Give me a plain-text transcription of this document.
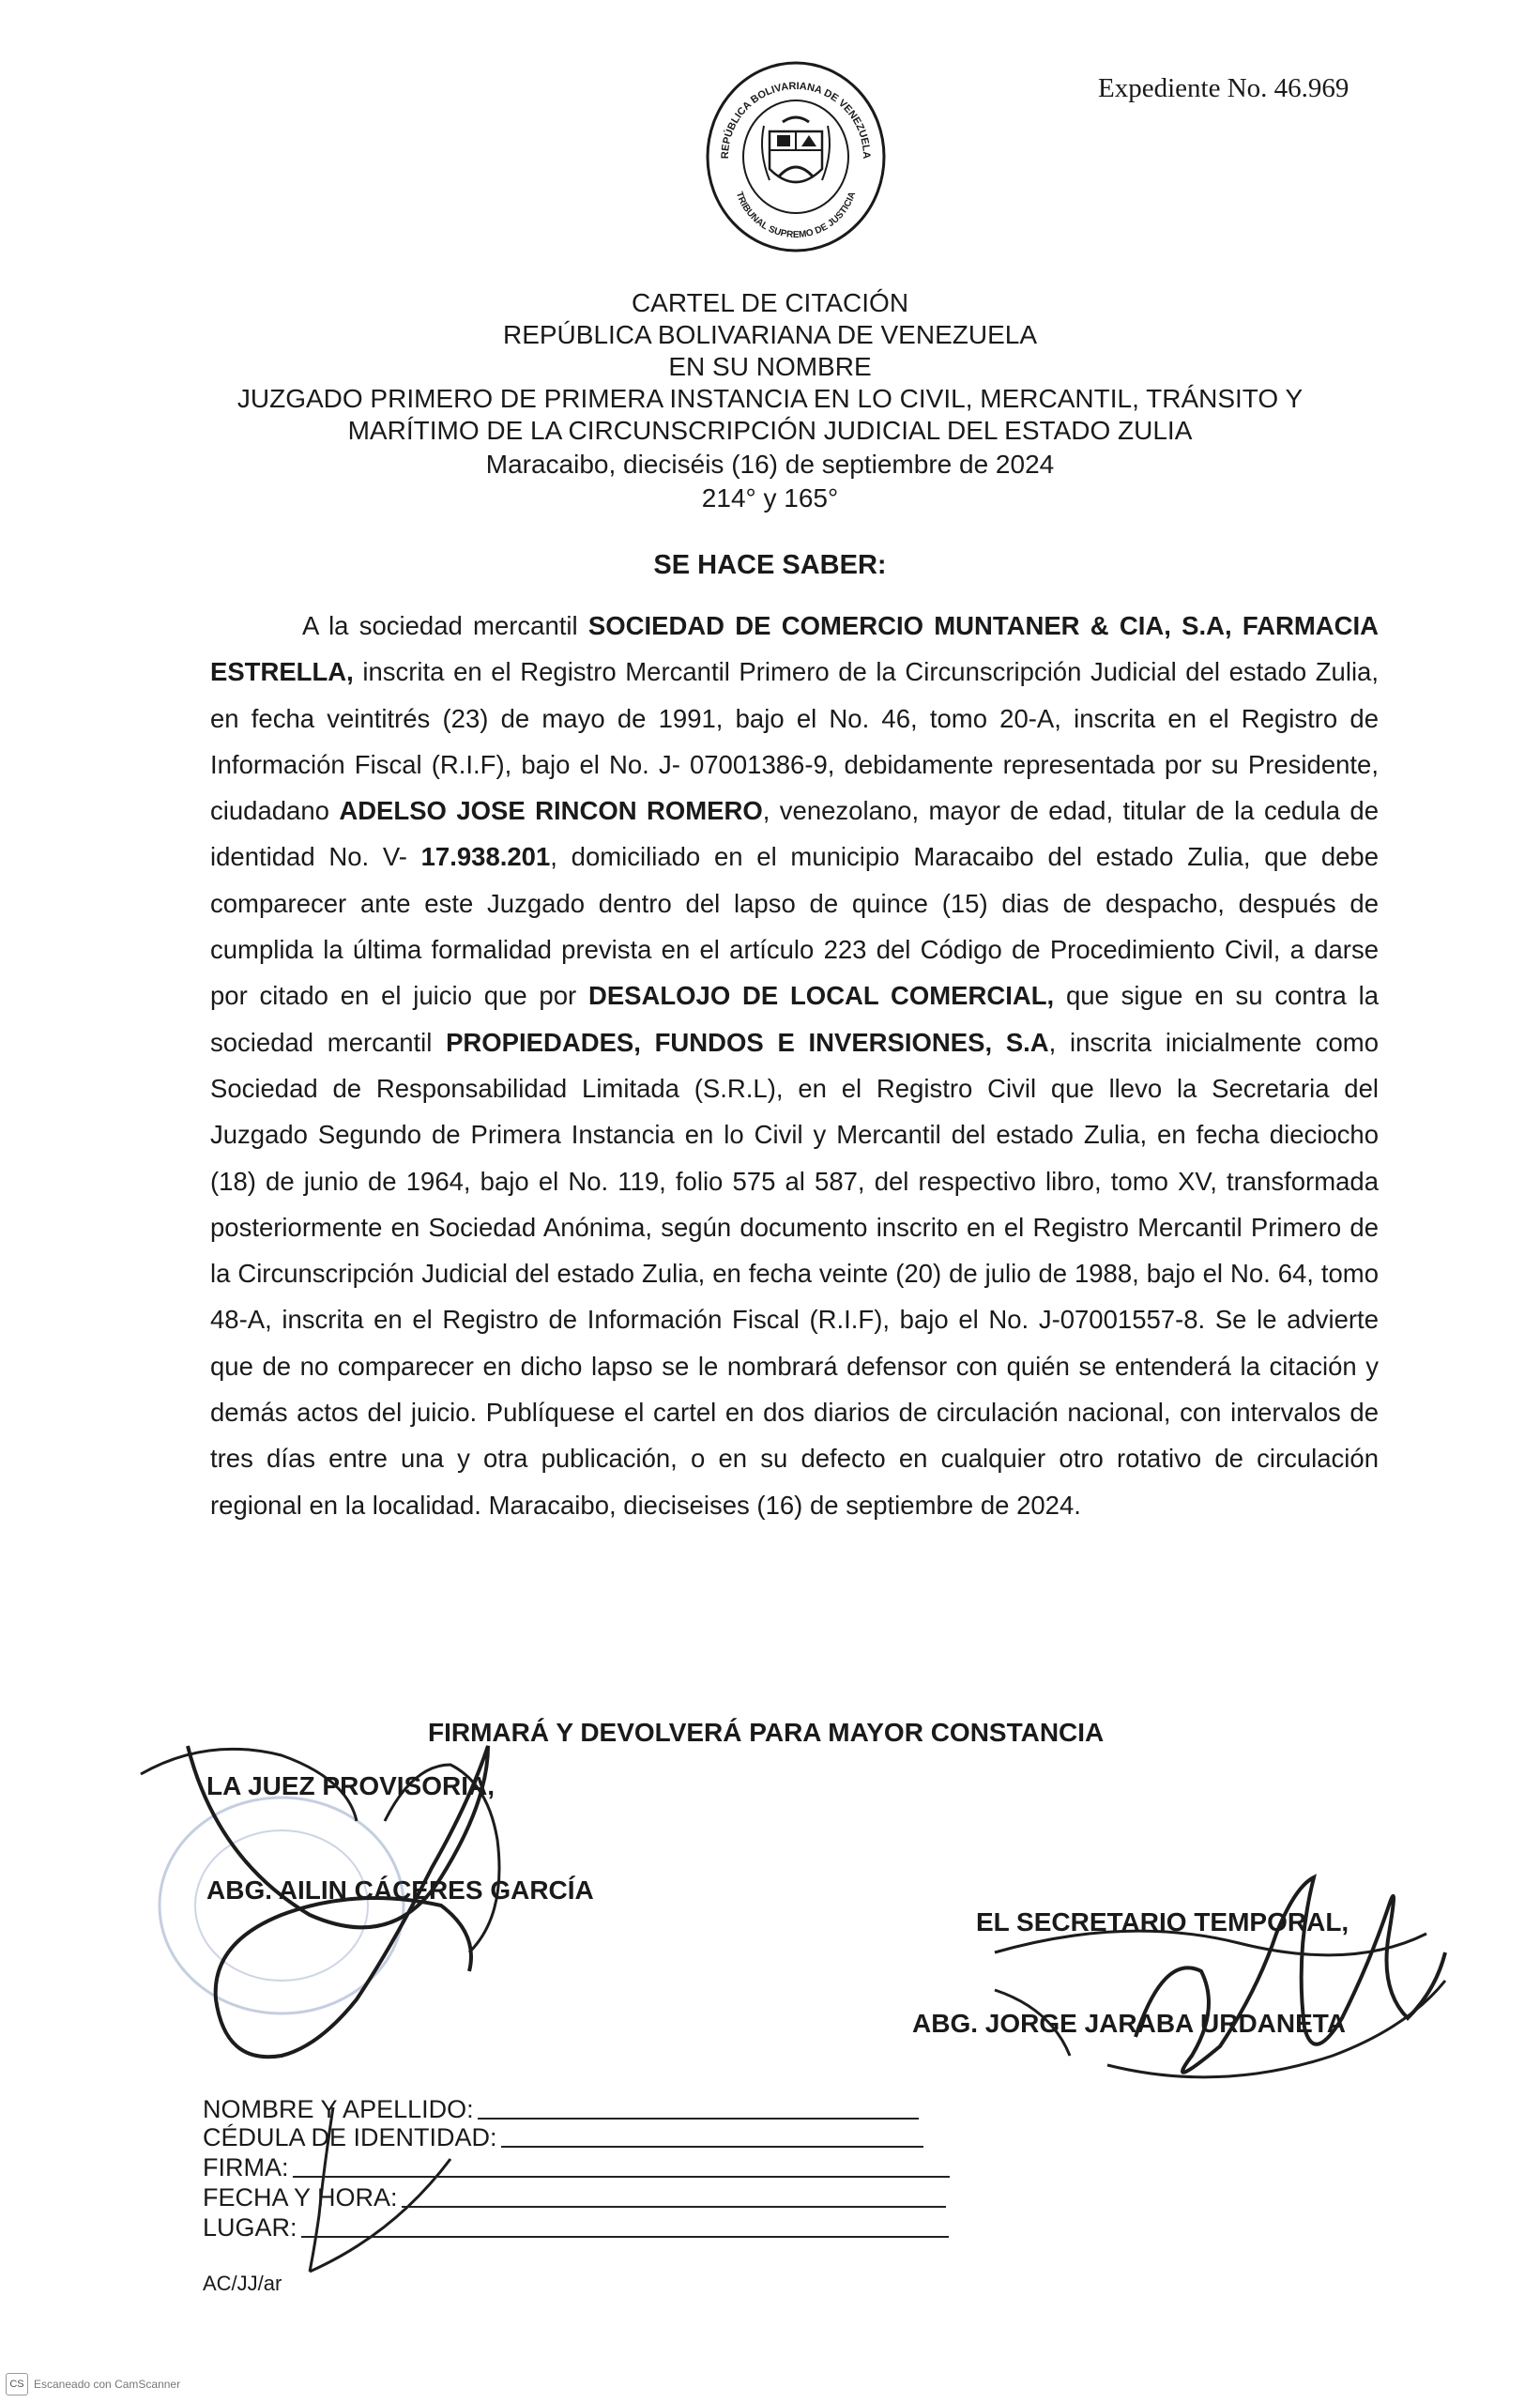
Expediente No. 46.969
REPÚBLICA BOLIVARIANA DE VENEZUELA
TRIBUNAL SUPREMO DE JUSTICIA
CARTEL DE CITACIÓN
REPÚBLICA BOLIVARIANA DE VENEZUELA
EN SU NOMBRE
JUZGADO PRIMERO DE PRIMERA INSTANCIA EN LO CIVIL, MERCANTIL, TRÁNSITO Y
MARÍTIMO DE LA CIRCUNSCRIPCIÓN JUDICIAL DEL ESTADO ZULIA
Maracaibo, dieciséis (16) de septiembre de 2024
214° y 165°
SE HACE SABER:
A la sociedad mercantil SOCIEDAD DE COMERCIO MUNTANER & CIA, S.A, FARMACIA ESTRELLA, inscrita en el Registro Mercantil Primero de la Circunscripción Judicial del estado Zulia, en fecha veintitrés (23) de mayo de 1991, bajo el No. 46, tomo 20-A, inscrita en el Registro de Información Fiscal (R.I.F), bajo el No. J- 07001386-9, debidamente representada por su Presidente, ciudadano ADELSO JOSE RINCON ROMERO, venezolano, mayor de edad, titular de la cedula de identidad No. V- 17.938.201, domiciliado en el municipio Maracaibo del estado Zulia, que debe comparecer ante este Juzgado dentro del lapso de quince (15) dias de despacho, después de cumplida la última formalidad prevista en el artículo 223 del Código de Procedimiento Civil, a darse por citado en el juicio que por DESALOJO DE LOCAL COMERCIAL, que sigue en su contra la sociedad mercantil PROPIEDADES, FUNDOS E INVERSIONES, S.A, inscrita inicialmente como Sociedad de Responsabilidad Limitada (S.R.L), en el Registro Civil que llevo la Secretaria del Juzgado Segundo de Primera Instancia en lo Civil y Mercantil del estado Zulia, en fecha dieciocho (18) de junio de 1964, bajo el No. 119, folio 575 al 587, del respectivo libro, tomo XV, transformada posteriormente en Sociedad Anónima, según documento inscrito en el Registro Mercantil Primero de la Circunscripción Judicial del estado Zulia, en fecha veinte (20) de julio de 1988, bajo el No. 64, tomo 48-A, inscrita en el Registro de Información Fiscal (R.I.F), bajo el No. J-07001557-8. Se le advierte que de no comparecer en dicho lapso se le nombrará defensor con quién se entenderá la citación y demás actos del juicio. Publíquese el cartel en dos diarios de circulación nacional, con intervalos de tres días entre una y otra publicación, o en su defecto en cualquier otro rotativo de circulación regional en la localidad. Maracaibo, dieciseises (16) de septiembre de 2024.
FIRMARÁ Y DEVOLVERÁ PARA MAYOR CONSTANCIA
LA JUEZ PROVISORIA,
ABG. AILIN CÁCERES GARCÍA
EL SECRETARIO TEMPORAL,
ABG. JORGE JARABA URDANETA
NOMBRE Y APELLIDO:
CÉDULA DE IDENTIDAD:
FIRMA:
FECHA Y HORA:
LUGAR:
AC/JJ/ar
CS Escaneado con CamScanner
